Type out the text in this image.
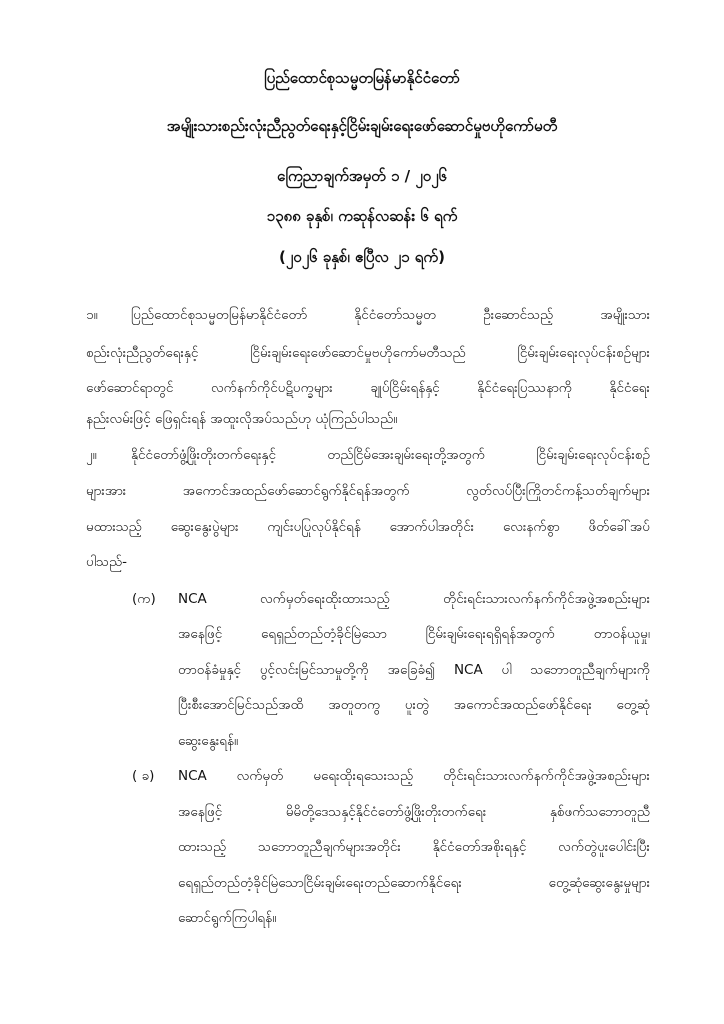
ပြည်ထောင်စုသမ္မတမြန်မာနိုင်ငံတော်
အမျိုးသားစည်းလုံးညီညွတ်ရေးနှင့်ငြိမ်းချမ်းရေးဖော်ဆောင်မှုဗဟိုကော်မတီ
ကြေညာချက်အမှတ် ၁ / ၂၀၂၆
၁၃၈၈ ခုနှစ်၊ ကဆုန်လဆန်း ၆ ရက်
(၂၀၂၆ ခုနှစ်၊ ဧပြီလ ၂၁ ရက်)
၁။ ပြည်ထောင်စုသမ္မတမြန်မာနိုင်ငံတော် နိုင်ငံတော်သမ္မတ ဦးဆောင်သည့် အမျိုးသား
စည်းလုံးညီညွတ်ရေးနှင့် ငြိမ်းချမ်းရေးဖော်ဆောင်မှုဗဟိုကော်မတီသည် ငြိမ်းချမ်းရေးလုပ်ငန်းစဉ်များ
ဖော်ဆောင်ရာတွင် လက်နက်ကိုင်ပဋိပက္ခများ ချုပ်ငြိမ်းရန်နှင့် နိုင်ငံရေးပြဿနာကို နိုင်ငံရေး
နည်းလမ်းဖြင့် ဖြေရှင်းရန် အထူးလိုအပ်သည်ဟု ယုံကြည်ပါသည်။
၂။	နိုင်ငံတော်ဖွံ့ဖြိုးတိုးတက်ရေးနှင့် တည်ငြိမ်အေးချမ်းရေးတို့အတွက် ငြိမ်းချမ်းရေးလုပ်ငန်းစဉ်
များအား အကောင်အထည်ဖော်ဆောင်ရွက်နိုင်ရန်အတွက် လွတ်လပ်ပြီးကြိုတင်ကန့်သတ်ချက်များ
မထားသည့် ဆွေးနွေးပွဲများ ကျင်းပပြုလုပ်နိုင်ရန် အောက်ပါအတိုင်း လေးနက်စွာ ဖိတ်ခေါ်အပ်
ပါသည်-
(က) NCA လက်မှတ်ရေးထိုးထားသည့် တိုင်းရင်းသားလက်နက်ကိုင်အဖွဲ့အစည်းများ
အနေဖြင့် ရေရှည်တည်တံ့ခိုင်မြဲသော ငြိမ်းချမ်းရေးရရှိရန်အတွက် တာဝန်ယူမှု၊
တာဝန်ခံမှုနှင့် ပွင့်လင်းမြင်သာမှုတို့ကို အခြေခံ၍ NCA ပါ သဘောတူညီချက်များကို
ပြီးစီးအောင်မြင်သည်အထိ အတူတကွ ပူးတွဲ အကောင်အထည်ဖော်နိုင်ရေး တွေ့ဆုံ
ဆွေးနွေးရန်။
( ခ) NCA လက်မှတ် မရေးထိုးရသေးသည့် တိုင်းရင်းသားလက်နက်ကိုင်အဖွဲ့အစည်းများ
အနေဖြင့် မိမိတို့ဒေသနှင့်နိုင်ငံတော်ဖွံ့ဖြိုးတိုးတက်ရေး နှစ်ဖက်သဘောတူညီ
ထားသည့် သဘောတူညီချက်များအတိုင်း နိုင်ငံတော်အစိုးရနှင့် လက်တွဲပူးပေါင်းပြီး
ရေရှည်တည်တံ့ခိုင်မြဲသောငြိမ်းချမ်းရေးတည်ဆောက်နိုင်ရေး တွေ့ဆုံဆွေးနွေးမှုများ
ဆောင်ရွက်ကြပါရန်။
